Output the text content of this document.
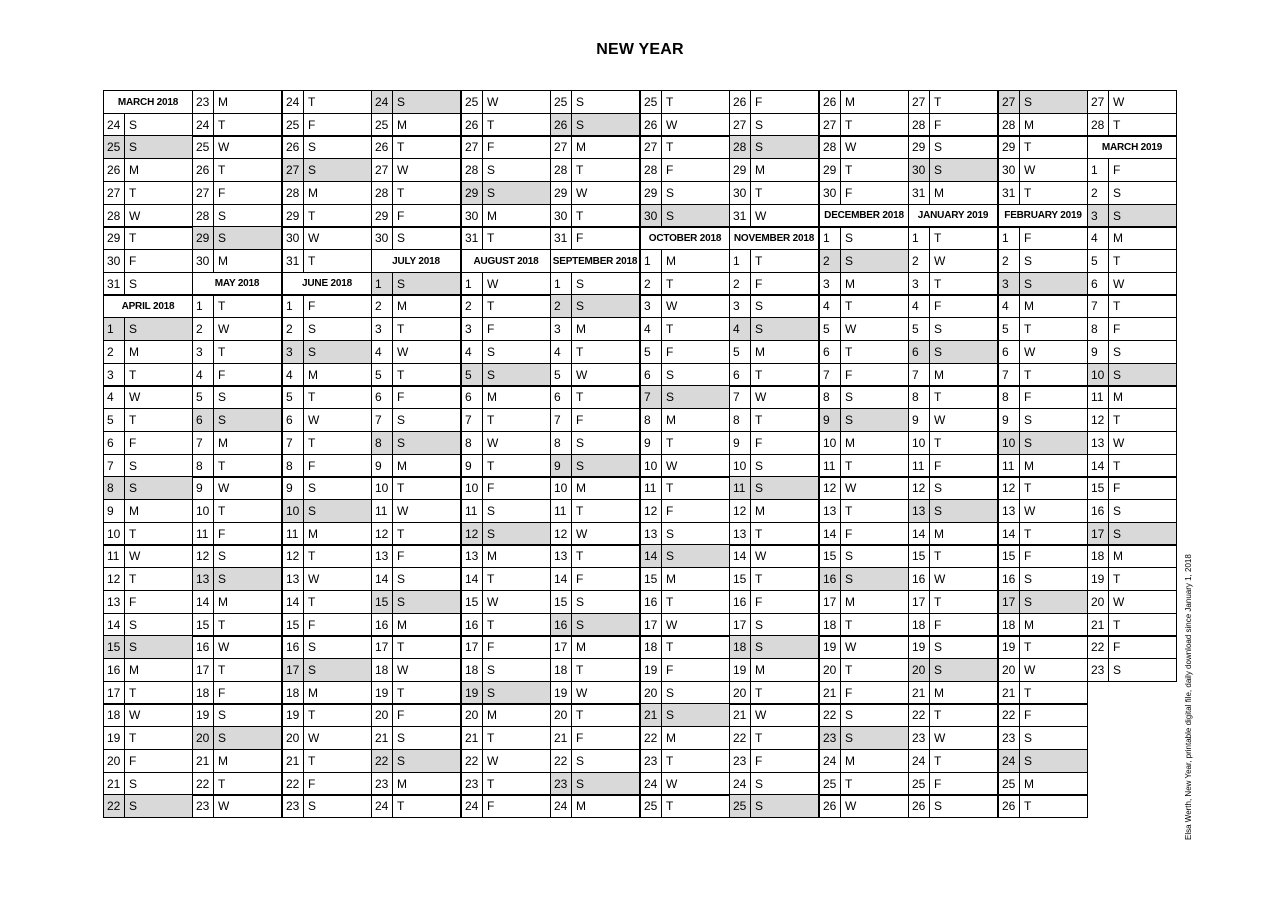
NEW YEAR
MARCH 2018
24 S
25 S
26 M
27 T
28 W
29 T
30 F
31 S
APRIL 2018
1	S
2	M
3	T
4	W
5	T
6	F
7	S
8	S
9	M
10 T
11 W
12 T
13 F
14 S
15 S
16 M
17 T
18 W
19 T
20 F
21 S
22 S
23 M
24 T
25 W
26 T
27 F
28 S
29 S
30 M
MAY 2018
1	T
2	W
3	T
4	F
5	S
6	S
7	M
8	T
9	W
10 T
11 F
12 S
13 S
14 M
15 T
16 W
17 T
18 F
19 S
20 S
21 M
22 T
23 W
24 T
25 F
26 S
27 S
28 M
29 T
30 W
31 T
JUNE 2018
1	F
2	S
3	S
4	M
5	T
6	W
7	T
8	F
9	S
10 S
11 M
12 T
13 W
14 T
15 F
16 S
17 S
18 M
19 T
20 W
21 T
22 F
23 S
24 S
25 M
26 T
27 W
28 T
29 F
30 S
JULY 2018
1	S
2	M
3	T
4	W
5	T
6	F
7	S
8	S
9	M
10 T
11 W
12 T
13 F
14 S
15 S
16 M
17 T
18 W
19 T
20 F
21 S
22 S
23 M
24 T
25 W
26 T
27 F
28 S
29 S
30 M
31 T
AUGUST 2018
1	W
2	T
3	F
4	S
5	S
6	M
7	T
8	W
9	T
10 F
11 S
12 S
13 M
14 T
15 W
16 T
17 F
18 S
19 S
20 M
21 T
22 W
23 T
24 F
25 S
26 S
27 M
28 T
29 W
30 T
31 F
SEPTEMBER 2018
1	S
2	S
3	M
4	T
5	W
6	T
7	F
8	S
9	S
10 M
11 T
12 W
13 T
14 F
15 S
16 S
17 M
18 T
19 W
20 T
21 F
22 S
23 S
24 M
25 T
26 W
27 T
28 F
29 S
30 S
OCTOBER 2018
1	M
2	T
3	W
4	T
5	F
6	S
7	S
8	M
9	T
10 W
11 T
12 F
13 S
14 S
15 M
16 T
17 W
18 T
19 F
20 S
21 S
22 M
23 T
24 W
25 T
26 F
27 S
28 S
29 M
30 T
31 W
NOVEMBER 2018
1	T
2	F
3	S
4	S
5	M
6	T
7	W
8	T
9	F
10 S
11 S
12 M
13 T
14 W
15 T
16 F
17 S
18 S
19 M
20 T
21 W
22 T
23 F
24 S
25 S
26 M
27 T
28 W
29 T
30 F
DECEMBER 2018
1	S
2	S
3	M
4	T
5	W
6	T
7	F
8	S
9	S
10 M
11 T
12 W
13 T
14 F
15 S
16 S
17 M
18 T
19 W
20 T
21 F
22 S
23 S
24 M
25 T
26 W
27 T
28 F
29 S
30 S
31 M
JANUARY 2019
1	T
2	W
3	T
4	F
5	S
6	S
7	M
8	T
9	W
10 T
11 F
12 S
13 S
14 M
15 T
16 W
17 T
18 F
19 S
20 S
21 M
22 T
23 W
24 T
25 F
26 S
27 S
28 M
29 T
30 W
31 T
FEBRUARY 2019
1	F
2	S
3	S
4	M
5	T
6	W
7	T
8	F
9	S
10 S
11 M
12 T
13 W
14 T
15 F
16 S
17 S
18 M
19 T
20 W
21 T
22 F
23 S
24 S
25 M
26 T
27 W
28 T
MARCH 2019
1	F
2	S
3	S
4	M
5	T
6	W
7	T
8	F
9	S
10 S
11 M
12 T
13 W
14 T
15 F
16 S
17 S
18 M
19 T
20 W
21 T
22 F
23 S	Elsa Werth, New Year, printable digital file, daily download since January 1, 2018
